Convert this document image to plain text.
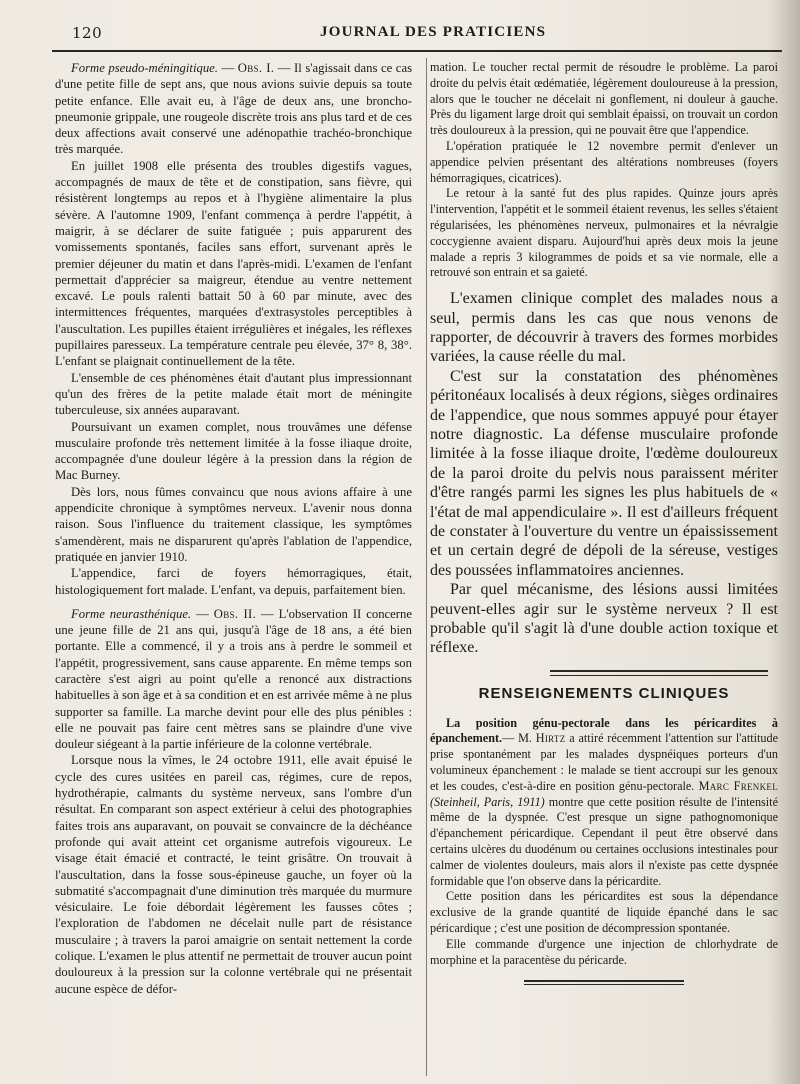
120	JOURNAL DES PRATICIENS

Forme pseudo-méningitique. — Obs. I. — Il s'agissait dans ce cas d'une petite fille de sept ans, que nous avions suivie depuis sa toute petite enfance. Elle avait eu, à l'âge de deux ans, une broncho-pneumonie grippale, une rougeole discrète trois ans plus tard et de ces deux affections avait conservé une adénopathie trachéo-bronchique très marquée.

En juillet 1908 elle présenta des troubles digestifs vagues, accompagnés de maux de tête et de constipation, sans fièvre, qui résistèrent longtemps au repos et à l'hygiène alimentaire la plus sévère. A l'automne 1909, l'enfant commença à perdre l'appétit, à maigrir, à se déclarer de suite fatiguée ; puis apparurent des vomissements spontanés, faciles sans effort, survenant après le premier déjeuner du matin et dans l'après-midi. L'examen de l'enfant permettait d'apprécier sa maigreur, étendue au ventre nettement excavé. Le pouls ralenti battait 50 à 60 par minute, avec des intermittences fréquentes, marquées d'extrasystoles perceptibles à l'auscultation. Les pupilles étaient irrégulières et inégales, les réflexes pupillaires paresseux. La température centrale peu élevée, 37° 8, 38°. L'enfant se plaignait continuellement de la tête.

L'ensemble de ces phénomènes était d'autant plus impressionnant qu'un des frères de la petite malade était mort de méningite tuberculeuse, six années auparavant.

Poursuivant un examen complet, nous trouvâmes une défense musculaire profonde très nettement limitée à la fosse iliaque droite, accompagnée d'une douleur légère à la pression dans la région de Mac Burney.

Dès lors, nous fûmes convaincu que nous avions affaire à une appendicite chronique à symptômes nerveux. L'avenir nous donna raison. Sous l'influence du traitement classique, les symptômes s'amendèrent, mais ne disparurent qu'après l'ablation de l'appendice, pratiquée en janvier 1910.

L'appendice, farci de foyers hémorragiques, était, histologiquement fort malade. L'enfant, va depuis, parfaitement bien.

Forme neurasthénique. — Obs. II. — L'observation II concerne une jeune fille de 21 ans qui, jusqu'à l'âge de 18 ans, a été bien portante. Elle a commencé, il y a trois ans à perdre le sommeil et l'appétit, progressivement, sans cause apparente. En même temps son caractère s'est aigri au point qu'elle a renoncé aux distractions habituelles à son âge et à sa condition et en est arrivée même à ne plus supporter sa famille. La marche devint pour elle des plus pénibles : elle ne pouvait pas faire cent mètres sans se plaindre d'une vive douleur siégeant à la partie inférieure de la colonne vertébrale.

Lorsque nous la vîmes, le 24 octobre 1911, elle avait épuisé le cycle des cures usitées en pareil cas, régimes, cure de repos, hydrothérapie, calmants du système nerveux, sans l'ombre d'un résultat. En comparant son aspect extérieur à celui des photographies faites trois ans auparavant, on pouvait se convaincre de la déchéance profonde qui avait atteint cet organisme autrefois vigoureux. Le visage était émacié et contracté, le teint grisâtre. On trouvait à l'auscultation, dans la fosse sous-épineuse gauche, un foyer où la submatité s'accompagnait d'une diminution très marquée du murmure vésiculaire. Le foie débordait légèrement les fausses côtes ; l'exploration de l'abdomen ne décelait nulle part de résistance musculaire ; à travers la paroi amaigrie on sentait nettement la corde colique. L'examen le plus attentif ne permettait de trouver aucun point douloureux à la pression sur la colonne vertébrale qui ne présentait aucune espèce de défor-

mation. Le toucher rectal permit de résoudre le problème. La paroi droite du pelvis était œdématiée, légèrement douloureuse à la pression, alors que le toucher ne décelait ni gonflement, ni douleur à gauche. Près du ligament large droit qui semblait épaissi, on trouvait un cordon très douloureux à la pression, qui ne pouvait être que l'appendice.

L'opération pratiquée le 12 novembre permit d'enlever un appendice pelvien présentant des altérations nombreuses (foyers hémorragiques, cicatrices).

Le retour à la santé fut des plus rapides. Quinze jours après l'intervention, l'appétit et le sommeil étaient revenus, les selles s'étaient régularisées, les phénomènes nerveux, pulmonaires et la névralgie coccygienne avaient disparu. Aujourd'hui après deux mois la jeune malade a repris 3 kilogrammes de poids et sa vie normale, elle a retrouvé son entrain et sa gaieté.

L'examen clinique complet des malades nous a seul, permis dans les cas que nous venons de rapporter, de découvrir à travers des formes morbides variées, la cause réelle du mal.

C'est sur la constatation des phénomènes péritonéaux localisés à deux régions, sièges ordinaires de l'appendice, que nous sommes appuyé pour étayer notre diagnostic. La défense musculaire profonde limitée à la fosse iliaque droite, l'œdème douloureux de la paroi droite du pelvis nous paraissent mériter d'être rangés parmi les signes les plus habituels de « l'état de mal appendiculaire ». Il est d'ailleurs fréquent de constater à l'ouverture du ventre un épaississement et un certain degré de dépoli de la séreuse, vestiges des poussées inflammatoires anciennes.

Par quel mécanisme, des lésions aussi limitées peuvent-elles agir sur le système nerveux ? Il est probable qu'il s'agit là d'une double action toxique et réflexe.

RENSEIGNEMENTS CLINIQUES

La position génu-pectorale dans les péricardites à épanchement.— M. Hirtz a attiré récemment l'attention sur l'attitude prise spontanément par les malades dyspnéiques porteurs d'un volumineux épanchement : le malade se tient accroupi sur les genoux et les coudes, c'est-à-dire en position génu-pectorale. Marc Frenkel (Steinheil, Paris, 1911) montre que cette position résulte de l'intensité même de la dyspnée. C'est presque un signe pathognomonique d'épanchement péricardique. Cependant il peut être observé dans certains ulcères du duodénum ou certaines occlusions intestinales pour calmer de violentes douleurs, mais alors il n'existe pas cette dyspnée formidable que l'on observe dans la péricardite.

Cette position dans les péricardites est sous la dépendance exclusive de la grande quantité de liquide épanché dans le sac péricardique ; c'est une position de décompression spontanée.

Elle commande d'urgence une injection de chlorhydrate de morphine et la paracentèse du péricarde.
